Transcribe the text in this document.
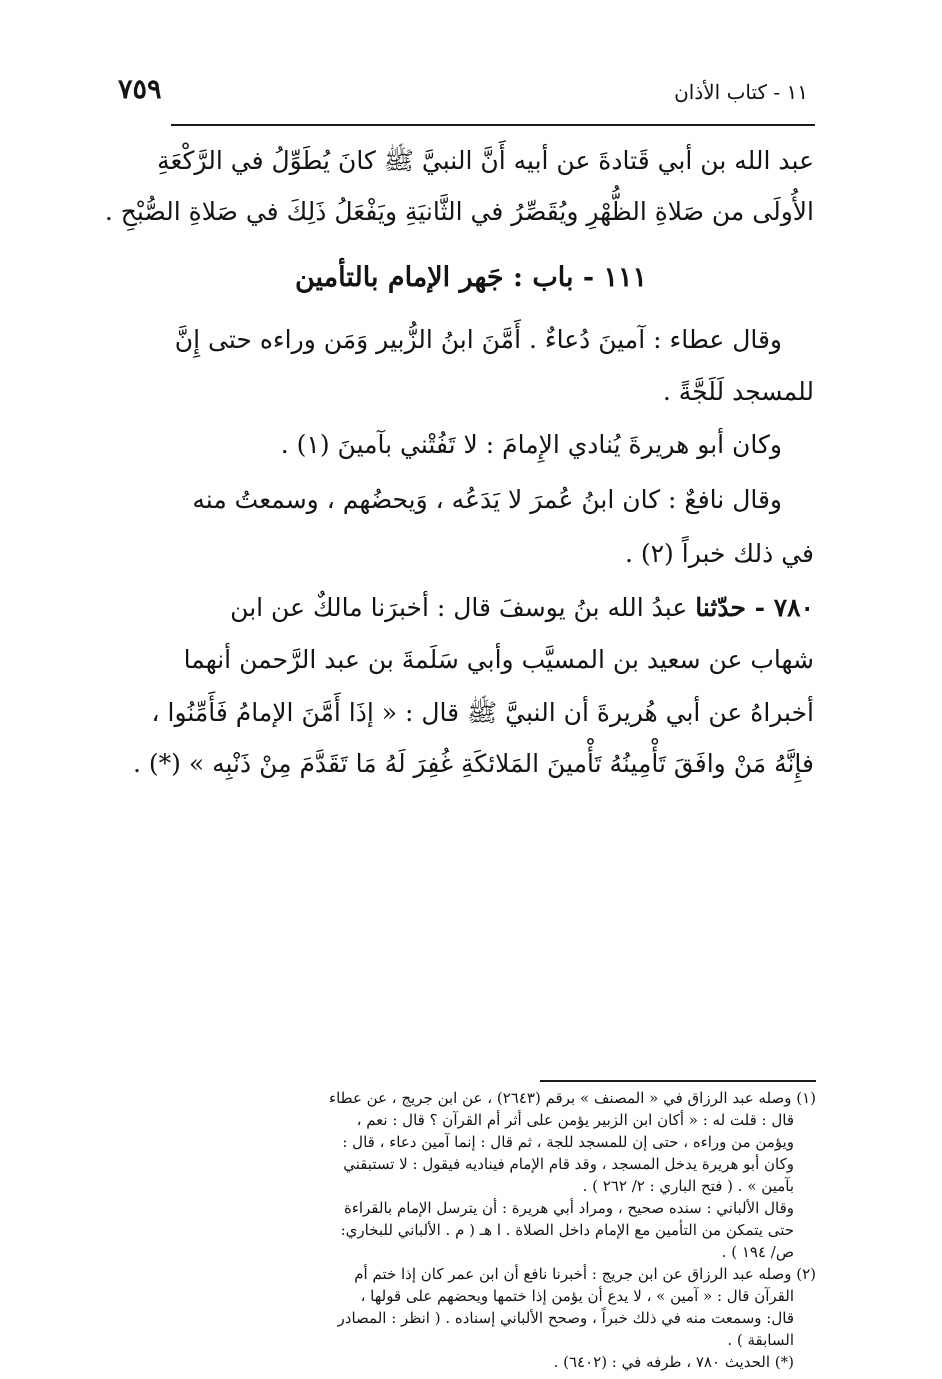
١١ - كتاب الأذان
٧٥٩
عبد الله بن أبي قَتادةَ عن أبيه أَنَّ النبيَّ ﷺ كانَ يُطَوِّلُ في الرَّكْعَةِ
الأُولَى من صَلاةِ الظُّهْرِ ويُقَصِّرُ في الثَّانيَةِ ويَفْعَلُ ذَلِكَ في صَلاةِ الصُّبْحِ .
١١١ - باب : جَهر الإمام بالتأمين
وقال عطاء : آمينَ دُعاءٌ . أَمَّنَ ابنُ الزُّبير وَمَن وراءه حتى إِنَّ
للمسجد لَلَجَّةً .
وكان أبو هريرةَ يُنادي الإِمامَ : لا تَفُتْني بآمينَ (١) .
وقال نافعٌ : كان ابنُ عُمرَ لا يَدَعُه ، وَيحضُهم ، وسمعتُ منه
في ذلك خبراً (٢) .
٧٨٠ - حدّثنا عبدُ الله بنُ يوسفَ قال : أخبرَنا مالكٌ عن ابن
شهاب عن سعيد بن المسيَّب وأبي سَلَمةَ بن عبد الرَّحمن أنهما
أخبراهُ عن أبي هُريرةَ أن النبيَّ ﷺ قال : « إذَا أَمَّنَ الإمامُ فَأَمِّنُوا ،
فإِنَّهُ مَنْ وافَقَ تَأْمِينُهُ تَأْمينَ المَلائكَةِ غُفِرَ لَهُ مَا تَقَدَّمَ مِنْ ذَنْبِه » (*) .
(١) وصله عبد الرزاق في « المصنف » برقم (٢٦٤٣) ، عن ابن جريج ، عن عطاء
قال : قلت له : « أكان ابن الزبير يؤمن على أثر أم القرآن ؟ قال : نعم ،
ويؤمن من وراءه ، حتى إن للمسجد للجة ، ثم قال : إنما آمين دعاء ، قال :
وكان أبو هريرة يدخل المسجد ، وقد قام الإمام فيناديه فيقول : لا تستبقني
بآمين » . ( فتح الباري : ٢/ ٢٦٢ ) .
وقال الألباني : سنده صحيح ، ومراد أبي هريرة : أن يترسل الإمام بالقراءة
حتى يتمكن من التأمين مع الإمام داخل الصلاة . ا هـ ( م . الألباني للبخاري:
ص/ ١٩٤ ) .
(٢) وصله عبد الرزاق عن ابن جريج : أخبرنا نافع أن ابن عمر كان إذا ختم أم
القرآن قال : « آمين » ، لا يدع أن يؤمن إذا ختمها ويحضهم على قولها ،
قال: وسمعت منه في ذلك خبراً ، وصحح الألباني إسناده . ( انظر : المصادر
السابقة ) .
(*) الحديث ٧٨٠ ، طرفه في : (٦٤٠٢) .
